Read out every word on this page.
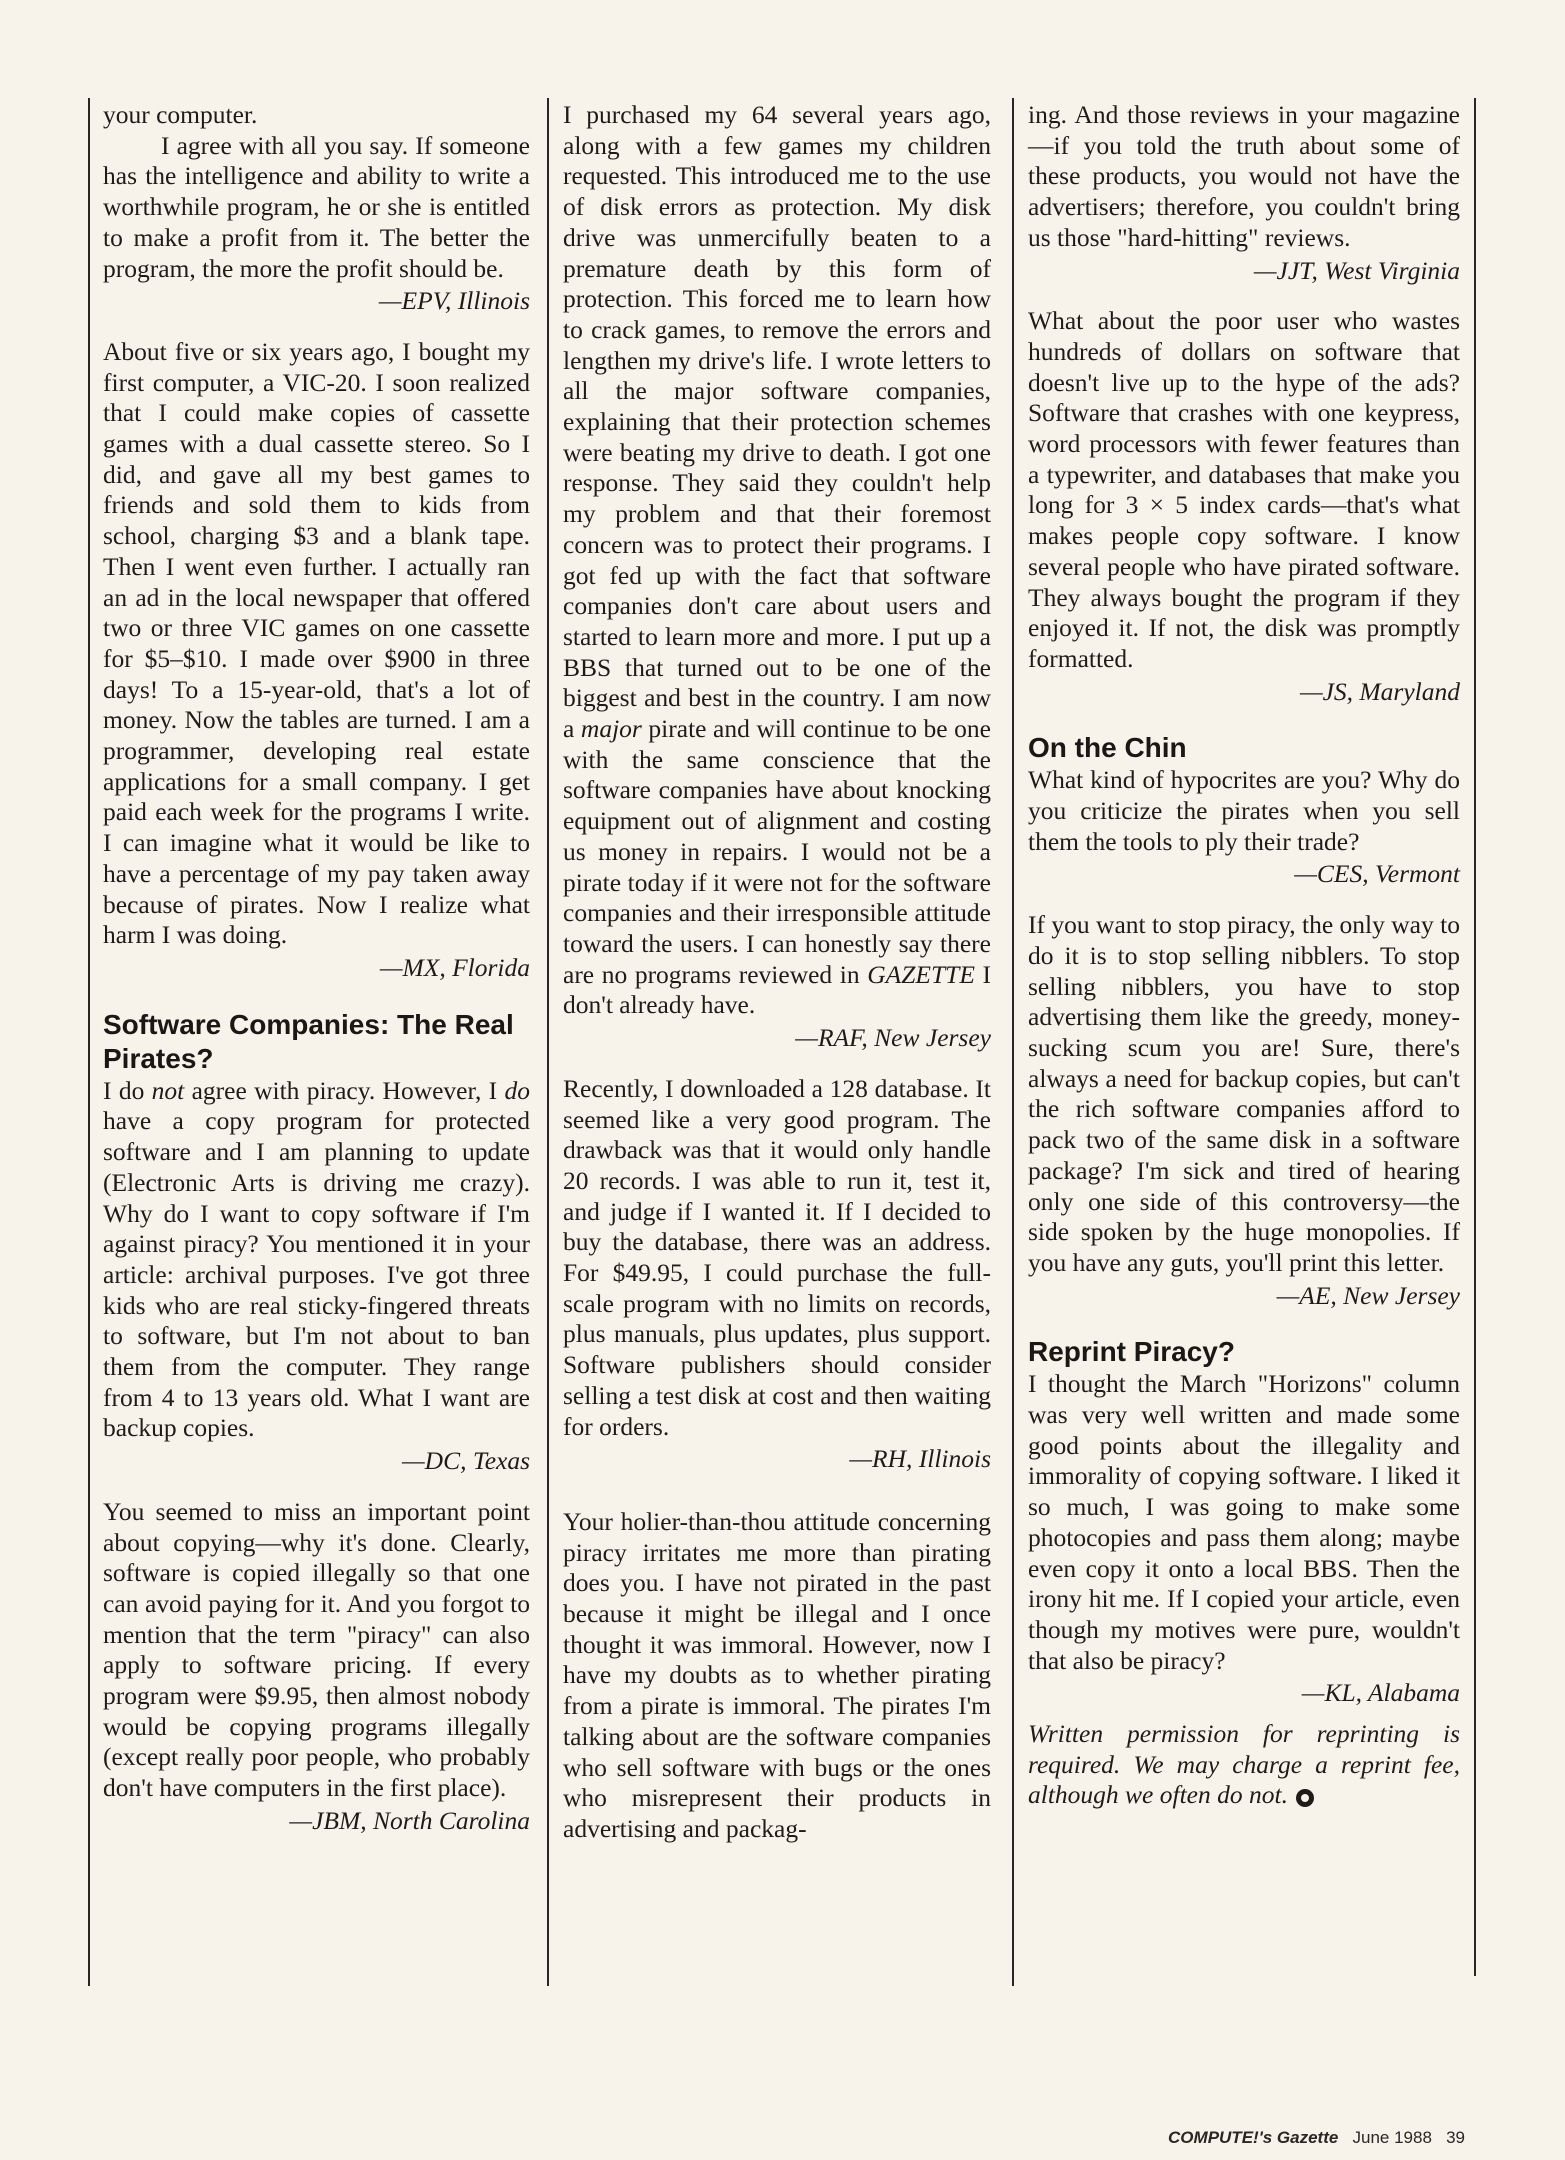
your computer.

I agree with all you say. If someone has the intelligence and ability to write a worthwhile program, he or she is entitled to make a profit from it. The better the program, the more the profit should be.

—EPV, Illinois

About five or six years ago, I bought my first computer, a VIC-20. I soon realized that I could make copies of cassette games with a dual cassette stereo. So I did, and gave all my best games to friends and sold them to kids from school, charging $3 and a blank tape. Then I went even further. I actually ran an ad in the local newspaper that offered two or three VIC games on one cassette for $5–$10. I made over $900 in three days! To a 15-year-old, that's a lot of money. Now the tables are turned. I am a programmer, developing real estate applications for a small company. I get paid each week for the programs I write. I can imagine what it would be like to have a percentage of my pay taken away because of pirates. Now I realize what harm I was doing.

—MX, Florida

Software Companies: The Real Pirates?

I do not agree with piracy. However, I do have a copy program for protected software and I am planning to update (Electronic Arts is driving me crazy). Why do I want to copy software if I'm against piracy? You mentioned it in your article: archival purposes. I've got three kids who are real sticky-fingered threats to software, but I'm not about to ban them from the computer. They range from 4 to 13 years old. What I want are backup copies.

—DC, Texas

You seemed to miss an important point about copying—why it's done. Clearly, software is copied illegally so that one can avoid paying for it. And you forgot to mention that the term "piracy" can also apply to software pricing. If every program were $9.95, then almost nobody would be copying programs illegally (except really poor people, who probably don't have computers in the first place).

—JBM, North Carolina

I purchased my 64 several years ago, along with a few games my children requested. This introduced me to the use of disk errors as protection. My disk drive was unmercifully beaten to a premature death by this form of protection. This forced me to learn how to crack games, to remove the errors and lengthen my drive's life. I wrote letters to all the major software companies, explaining that their protection schemes were beating my drive to death. I got one response. They said they couldn't help my problem and that their foremost concern was to protect their programs. I got fed up with the fact that software companies don't care about users and started to learn more and more. I put up a BBS that turned out to be one of the biggest and best in the country. I am now a major pirate and will continue to be one with the same conscience that the software companies have about knocking equipment out of alignment and costing us money in repairs. I would not be a pirate today if it were not for the software companies and their irresponsible attitude toward the users. I can honestly say there are no programs reviewed in GAZETTE I don't already have.

—RAF, New Jersey

Recently, I downloaded a 128 database. It seemed like a very good program. The drawback was that it would only handle 20 records. I was able to run it, test it, and judge if I wanted it. If I decided to buy the database, there was an address. For $49.95, I could purchase the full-scale program with no limits on records, plus manuals, plus updates, plus support. Software publishers should consider selling a test disk at cost and then waiting for orders.

—RH, Illinois

Your holier-than-thou attitude concerning piracy irritates me more than pirating does you. I have not pirated in the past because it might be illegal and I once thought it was immoral. However, now I have my doubts as to whether pirating from a pirate is immoral. The pirates I'm talking about are the software companies who sell software with bugs or the ones who misrepresent their products in advertising and packag-

ing. And those reviews in your magazine—if you told the truth about some of these products, you would not have the advertisers; therefore, you couldn't bring us those "hard-hitting" reviews.

—JJT, West Virginia

What about the poor user who wastes hundreds of dollars on software that doesn't live up to the hype of the ads? Software that crashes with one keypress, word processors with fewer features than a typewriter, and databases that make you long for 3 × 5 index cards—that's what makes people copy software. I know several people who have pirated software. They always bought the program if they enjoyed it. If not, the disk was promptly formatted.

—JS, Maryland

On the Chin

What kind of hypocrites are you? Why do you criticize the pirates when you sell them the tools to ply their trade?

—CES, Vermont

If you want to stop piracy, the only way to do it is to stop selling nibblers. To stop selling nibblers, you have to stop advertising them like the greedy, money-sucking scum you are! Sure, there's always a need for backup copies, but can't the rich software companies afford to pack two of the same disk in a software package? I'm sick and tired of hearing only one side of this controversy—the side spoken by the huge monopolies. If you have any guts, you'll print this letter.

—AE, New Jersey

Reprint Piracy?

I thought the March "Horizons" column was very well written and made some good points about the illegality and immorality of copying software. I liked it so much, I was going to make some photocopies and pass them along; maybe even copy it onto a local BBS. Then the irony hit me. If I copied your article, even though my motives were pure, wouldn't that also be piracy?

—KL, Alabama

Written permission for reprinting is required. We may charge a reprint fee, although we often do not.

COMPUTE!'s Gazette June 1988 39
